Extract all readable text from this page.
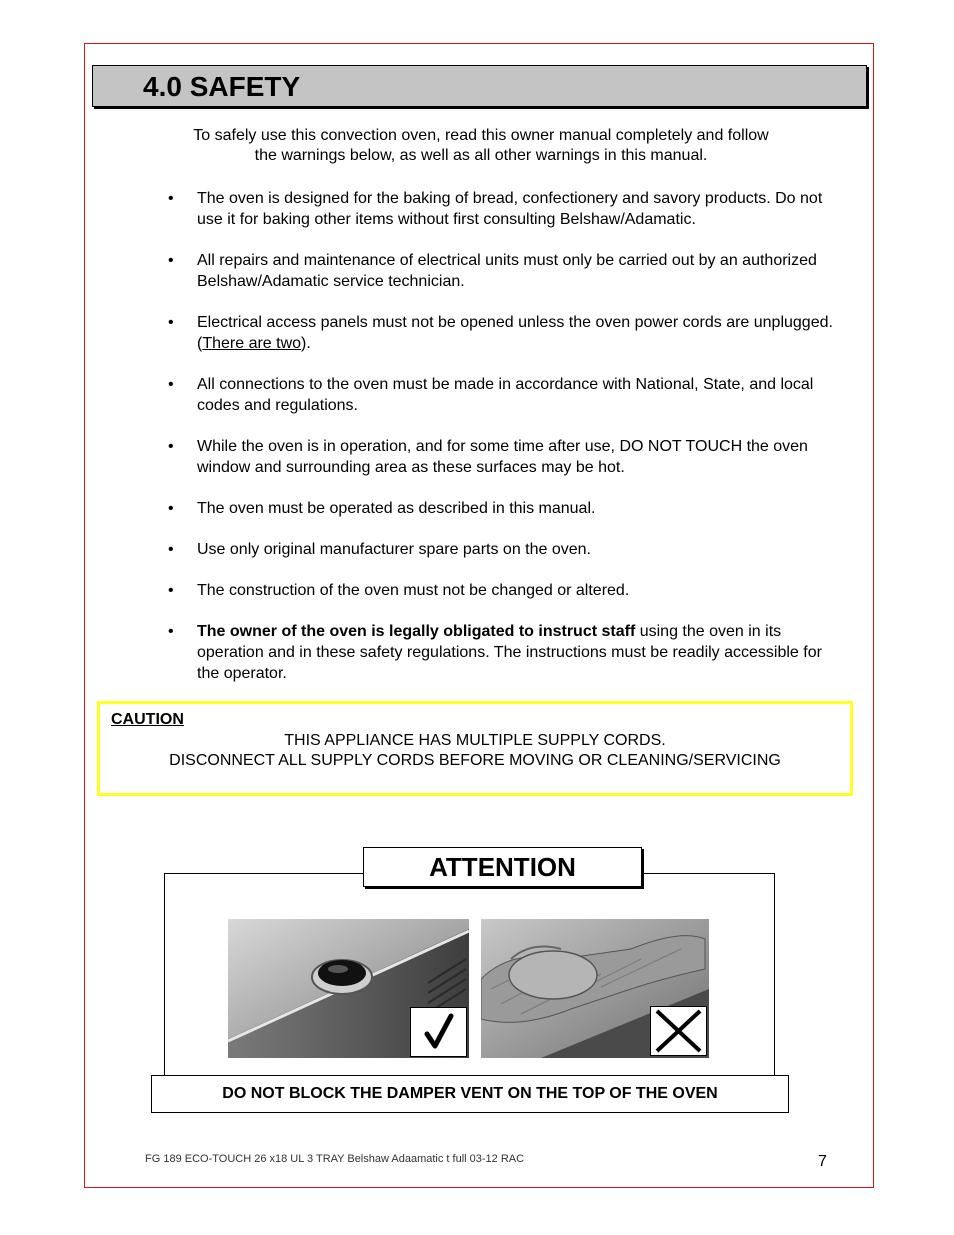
4.0 SAFETY
To safely use this convection oven, read this owner manual completely and follow
the warnings below, as well as all other warnings in this manual.
• The oven is designed for the baking of bread, confectionery and savory products. Do not use it for baking other items without first consulting Belshaw/Adamatic.
• All repairs and maintenance of electrical units must only be carried out by an authorized Belshaw/Adamatic service technician.
• Electrical access panels must not be opened unless the oven power cords are unplugged. (There are two).
• All connections to the oven must be made in accordance with National, State, and local codes and regulations.
• While the oven is in operation, and for some time after use, DO NOT TOUCH the oven window and surrounding area as these surfaces may be hot.
• The oven must be operated as described in this manual.
• Use only original manufacturer spare parts on the oven.
• The construction of the oven must not be changed or altered.
• The owner of the oven is legally obligated to instruct staff using the oven in its operation and in these safety regulations. The instructions must be readily accessible for the operator.
CAUTION
THIS APPLIANCE HAS MULTIPLE SUPPLY CORDS.
DISCONNECT ALL SUPPLY CORDS BEFORE MOVING OR CLEANING/SERVICING
ATTENTION
DO NOT BLOCK THE DAMPER VENT ON THE TOP OF THE OVEN
FG 189 ECO-TOUCH 26 x18 UL 3 TRAY Belshaw Adaamatic t full 03-12 RAC	7
